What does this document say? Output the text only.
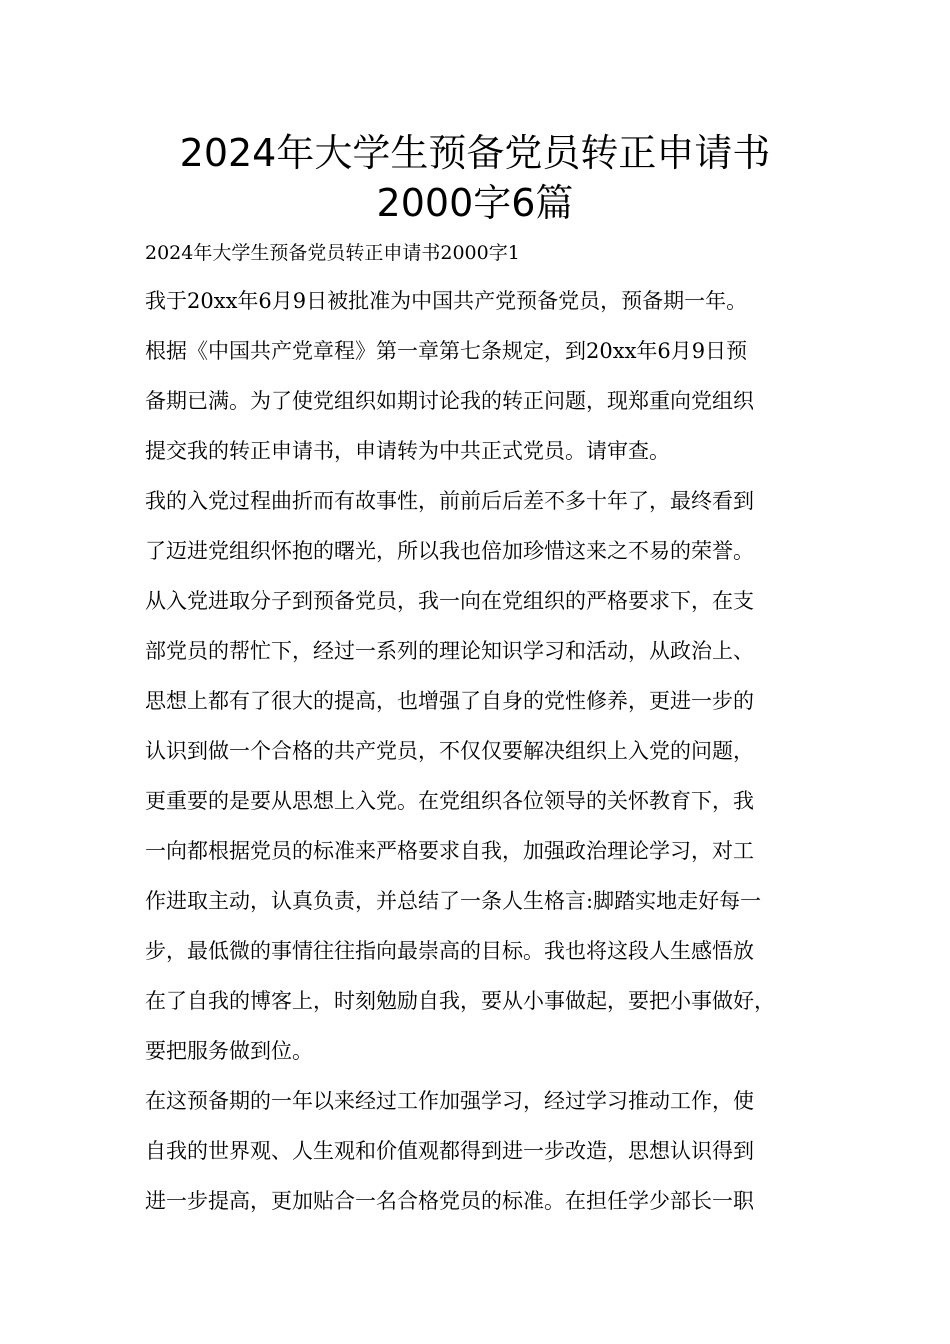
2024年大学生预备党员转正申请书
2000字6篇
2024年大学生预备党员转正申请书2000字1
我于20xx年6月9日被批准为中国共产党预备党员，预备期一年。
根据《中国共产党章程》第一章第七条规定，到20xx年6月9日预
备期已满。为了使党组织如期讨论我的转正问题，现郑重向党组织
提交我的转正申请书，申请转为中共正式党员。请审查。
我的入党过程曲折而有故事性，前前后后差不多十年了，最终看到
了迈进党组织怀抱的曙光，所以我也倍加珍惜这来之不易的荣誉。
从入党进取分子到预备党员，我一向在党组织的严格要求下，在支
部党员的帮忙下，经过一系列的理论知识学习和活动，从政治上、
思想上都有了很大的提高，也增强了自身的党性修养，更进一步的
认识到做一个合格的共产党员，不仅仅要解决组织上入党的问题，
更重要的是要从思想上入党。在党组织各位领导的关怀教育下，我
一向都根据党员的标准来严格要求自我，加强政治理论学习，对工
作进取主动，认真负责，并总结了一条人生格言:脚踏实地走好每一
步，最低微的事情往往指向最崇高的目标。我也将这段人生感悟放
在了自我的博客上，时刻勉励自我，要从小事做起，要把小事做好，
要把服务做到位。
在这预备期的一年以来经过工作加强学习，经过学习推动工作，使
自我的世界观、人生观和价值观都得到进一步改造，思想认识得到
进一步提高，更加贴合一名合格党员的标准。在担任学少部长一职
